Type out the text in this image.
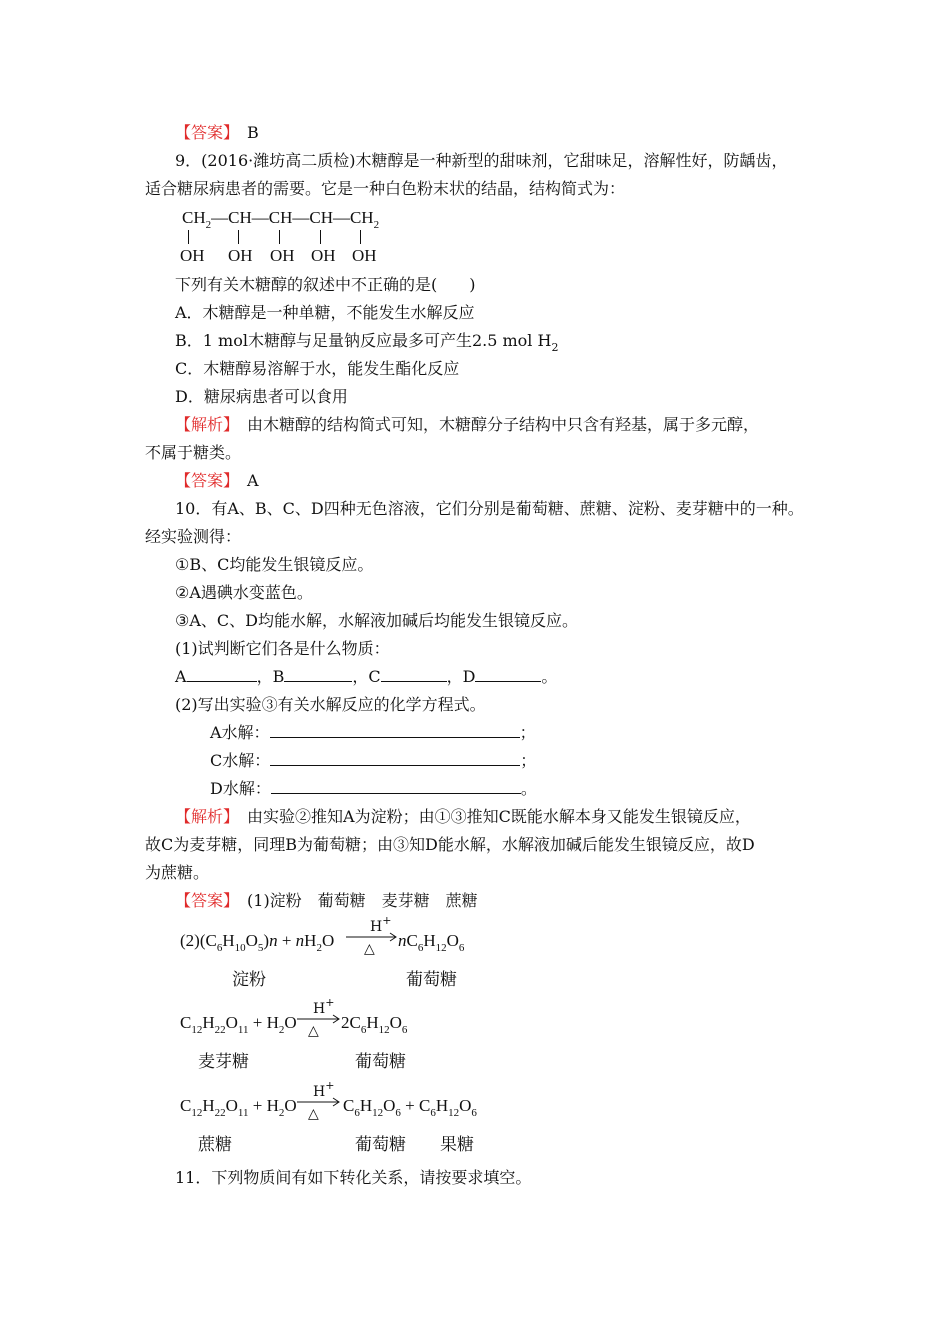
【答案】　 B
9．(2016·潍坊高二质检)木糖醇是一种新型的甜味剂，它甜味足，溶解性好，防龋齿，
适合糖尿病患者的需要。它是一种白色粉末状的结晶，结构简式为：
$CH_2—CH—CH—CH—CH_2$
OH OH OH OH OH
下列有关木糖醇的叙述中不正确的是(　　)
A．木糖醇是一种单糖，不能发生水解反应
B．1 mol木糖醇与足量钠反应最多可产生2.5 mol $H_2$
C．木糖醇易溶解于水，能发生酯化反应
D．糖尿病患者可以食用
【解析】　由木糖醇的结构简式可知，木糖醇分子结构中只含有羟基，属于多元醇，
不属于糖类。
【答案】　 A
10．有A、B、C、D四种无色溶液，它们分别是葡萄糖、蔗糖、淀粉、麦芽糖中的一种。
经实验测得：
①B、C均能发生银镜反应。
②A遇碘水变蓝色。
③A、C、D均能水解，水解液加碱后均能发生银镜反应。
(1)试判断它们各是什么物质：
A	，B	，C	，D	。
(2)写出实验③有关水解反应的化学方程式。
A水解：	；
C水解：	；
D水解：	。
【解析】　由实验②推知A为淀粉；由①③推知C既能水解本身又能发生银镜反应，
故C为麦芽糖，同理B为葡萄糖；由③知D能水解，水解液加碱后能发生银镜反应，故D
为蔗糖。
【答案】　(1)淀粉　葡萄糖　麦芽糖　蔗糖
$(2)(C_6H_{10}O_5)n + nH_2O$
H+
△ $nC_6H_{12}O_6$
淀粉	葡萄糖
$C_{12}H_{22}O_{11} + H_2O$
H+
△ $2C_6H_{12}O_6$
麦芽糖	葡萄糖
$C_{12}H_{22}O_{11} + H_2O$
H+
△ $C_6H_{12}O_6 + C_6H_{12}O_6$
蔗糖	葡萄糖 果糖
11．下列物质间有如下转化关系，请按要求填空。
